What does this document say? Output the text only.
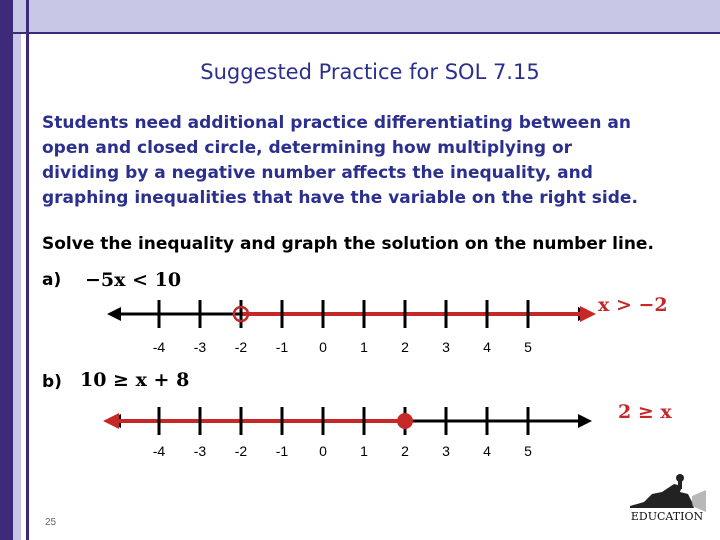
Suggested Practice for SOL 7.15
Students need additional practice differentiating between an
open and closed circle, determining how multiplying or
dividing by a negative number affects the inequality, and
graphing inequalities that have the variable on the right side.
Solve the inequality and graph the solution on the number line.
a) −5x < 10
x > −2
b) 10 ≥ x + 8
2 ≥ x
-4 -3 -2 -1 0 1 2 3 4 5
-4 -3 -2 -1 0 1 2 3 4 5
25	EDUCATION
